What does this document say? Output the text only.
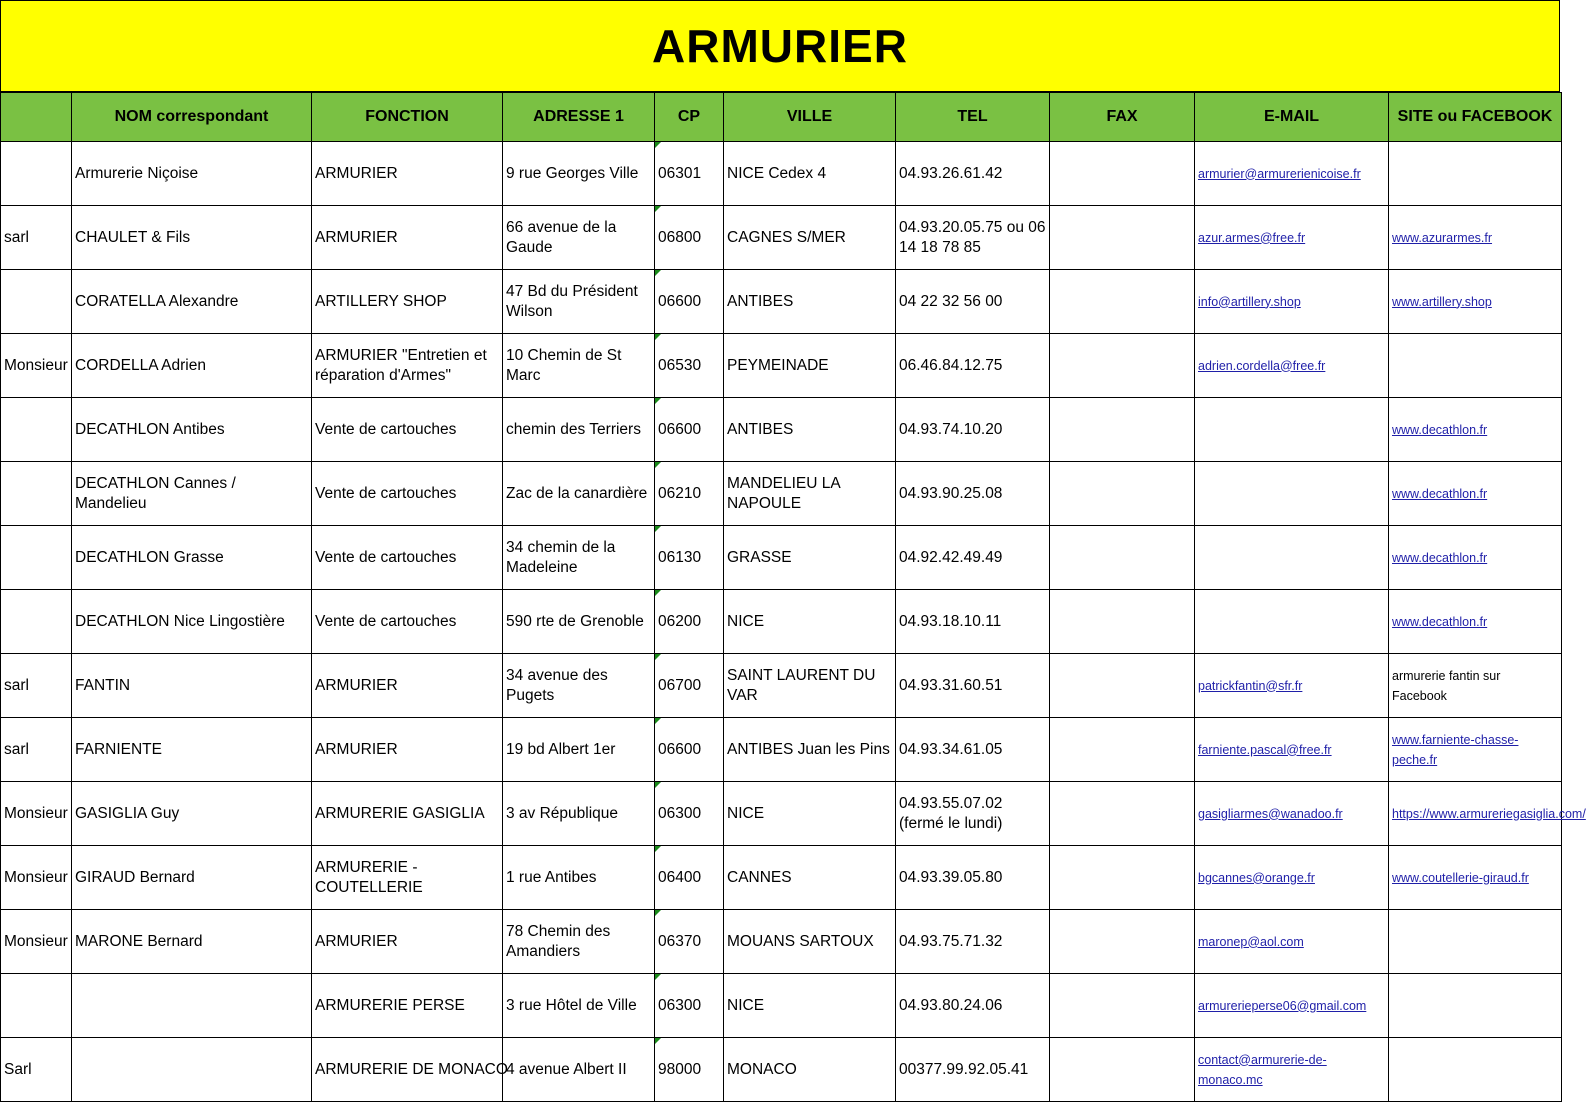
ARMURIER
	NOM correspondant	FONCTION	ADRESSE 1	CP	VILLE	TEL	FAX	E-MAIL	SITE ou FACEBOOK
	Armurerie Niçoise	ARMURIER	9 rue Georges Ville	06301	NICE Cedex 4	04.93.26.61.42		armurier@armurerienicoise.fr	
sarl	CHAULET & Fils	ARMURIER	66 avenue de la Gaude	06800	CAGNES S/MER	04.93.20.05.75 ou 06 14 18 78 85		azur.armes@free.fr	www.azurarmes.fr
	CORATELLA Alexandre	ARTILLERY SHOP	47 Bd du Président Wilson	06600	ANTIBES	04 22 32 56 00		info@artillery.shop	www.artillery.shop
Monsieur	CORDELLA Adrien	ARMURIER "Entretien et réparation d'Armes"	10 Chemin de St Marc	06530	PEYMEINADE	06.46.84.12.75		adrien.cordella@free.fr	
	DECATHLON Antibes	Vente de cartouches	chemin des Terriers	06600	ANTIBES	04.93.74.10.20			www.decathlon.fr
	DECATHLON Cannes / Mandelieu	Vente de cartouches	Zac de la canardière	06210	MANDELIEU LA NAPOULE	04.93.90.25.08			www.decathlon.fr
	DECATHLON Grasse	Vente de cartouches	34 chemin de la Madeleine	06130	GRASSE	04.92.42.49.49			www.decathlon.fr
	DECATHLON Nice Lingostière	Vente de cartouches	590 rte de Grenoble	06200	NICE	04.93.18.10.11			www.decathlon.fr
sarl	FANTIN	ARMURIER	34 avenue des Pugets	06700	SAINT LAURENT DU VAR	04.93.31.60.51		patrickfantin@sfr.fr	armurerie fantin sur Facebook
sarl	FARNIENTE	ARMURIER	19 bd Albert 1er	06600	ANTIBES Juan les Pins	04.93.34.61.05		farniente.pascal@free.fr	www.farniente-chasse-peche.fr
Monsieur	GASIGLIA Guy	ARMURERIE GASIGLIA	3 av République	06300	NICE	04.93.55.07.02 (fermé le lundi)		gasigliarmes@wanadoo.fr	https://www.armureriegasiglia.com/
Monsieur	GIRAUD Bernard	ARMURERIE - COUTELLERIE	1 rue Antibes	06400	CANNES	04.93.39.05.80		bgcannes@orange.fr	www.coutellerie-giraud.fr
Monsieur	MARONE Bernard	ARMURIER	78 Chemin des Amandiers	06370	MOUANS SARTOUX	04.93.75.71.32		maronep@aol.com	
		ARMURERIE PERSE	3 rue Hôtel de Ville	06300	NICE	04.93.80.24.06		armurerieperse06@gmail.com	
Sarl		ARMURERIE DE MONACO	4 avenue Albert II	98000	MONACO	00377.99.92.05.41		contact@armurerie-de-monaco.mc	
